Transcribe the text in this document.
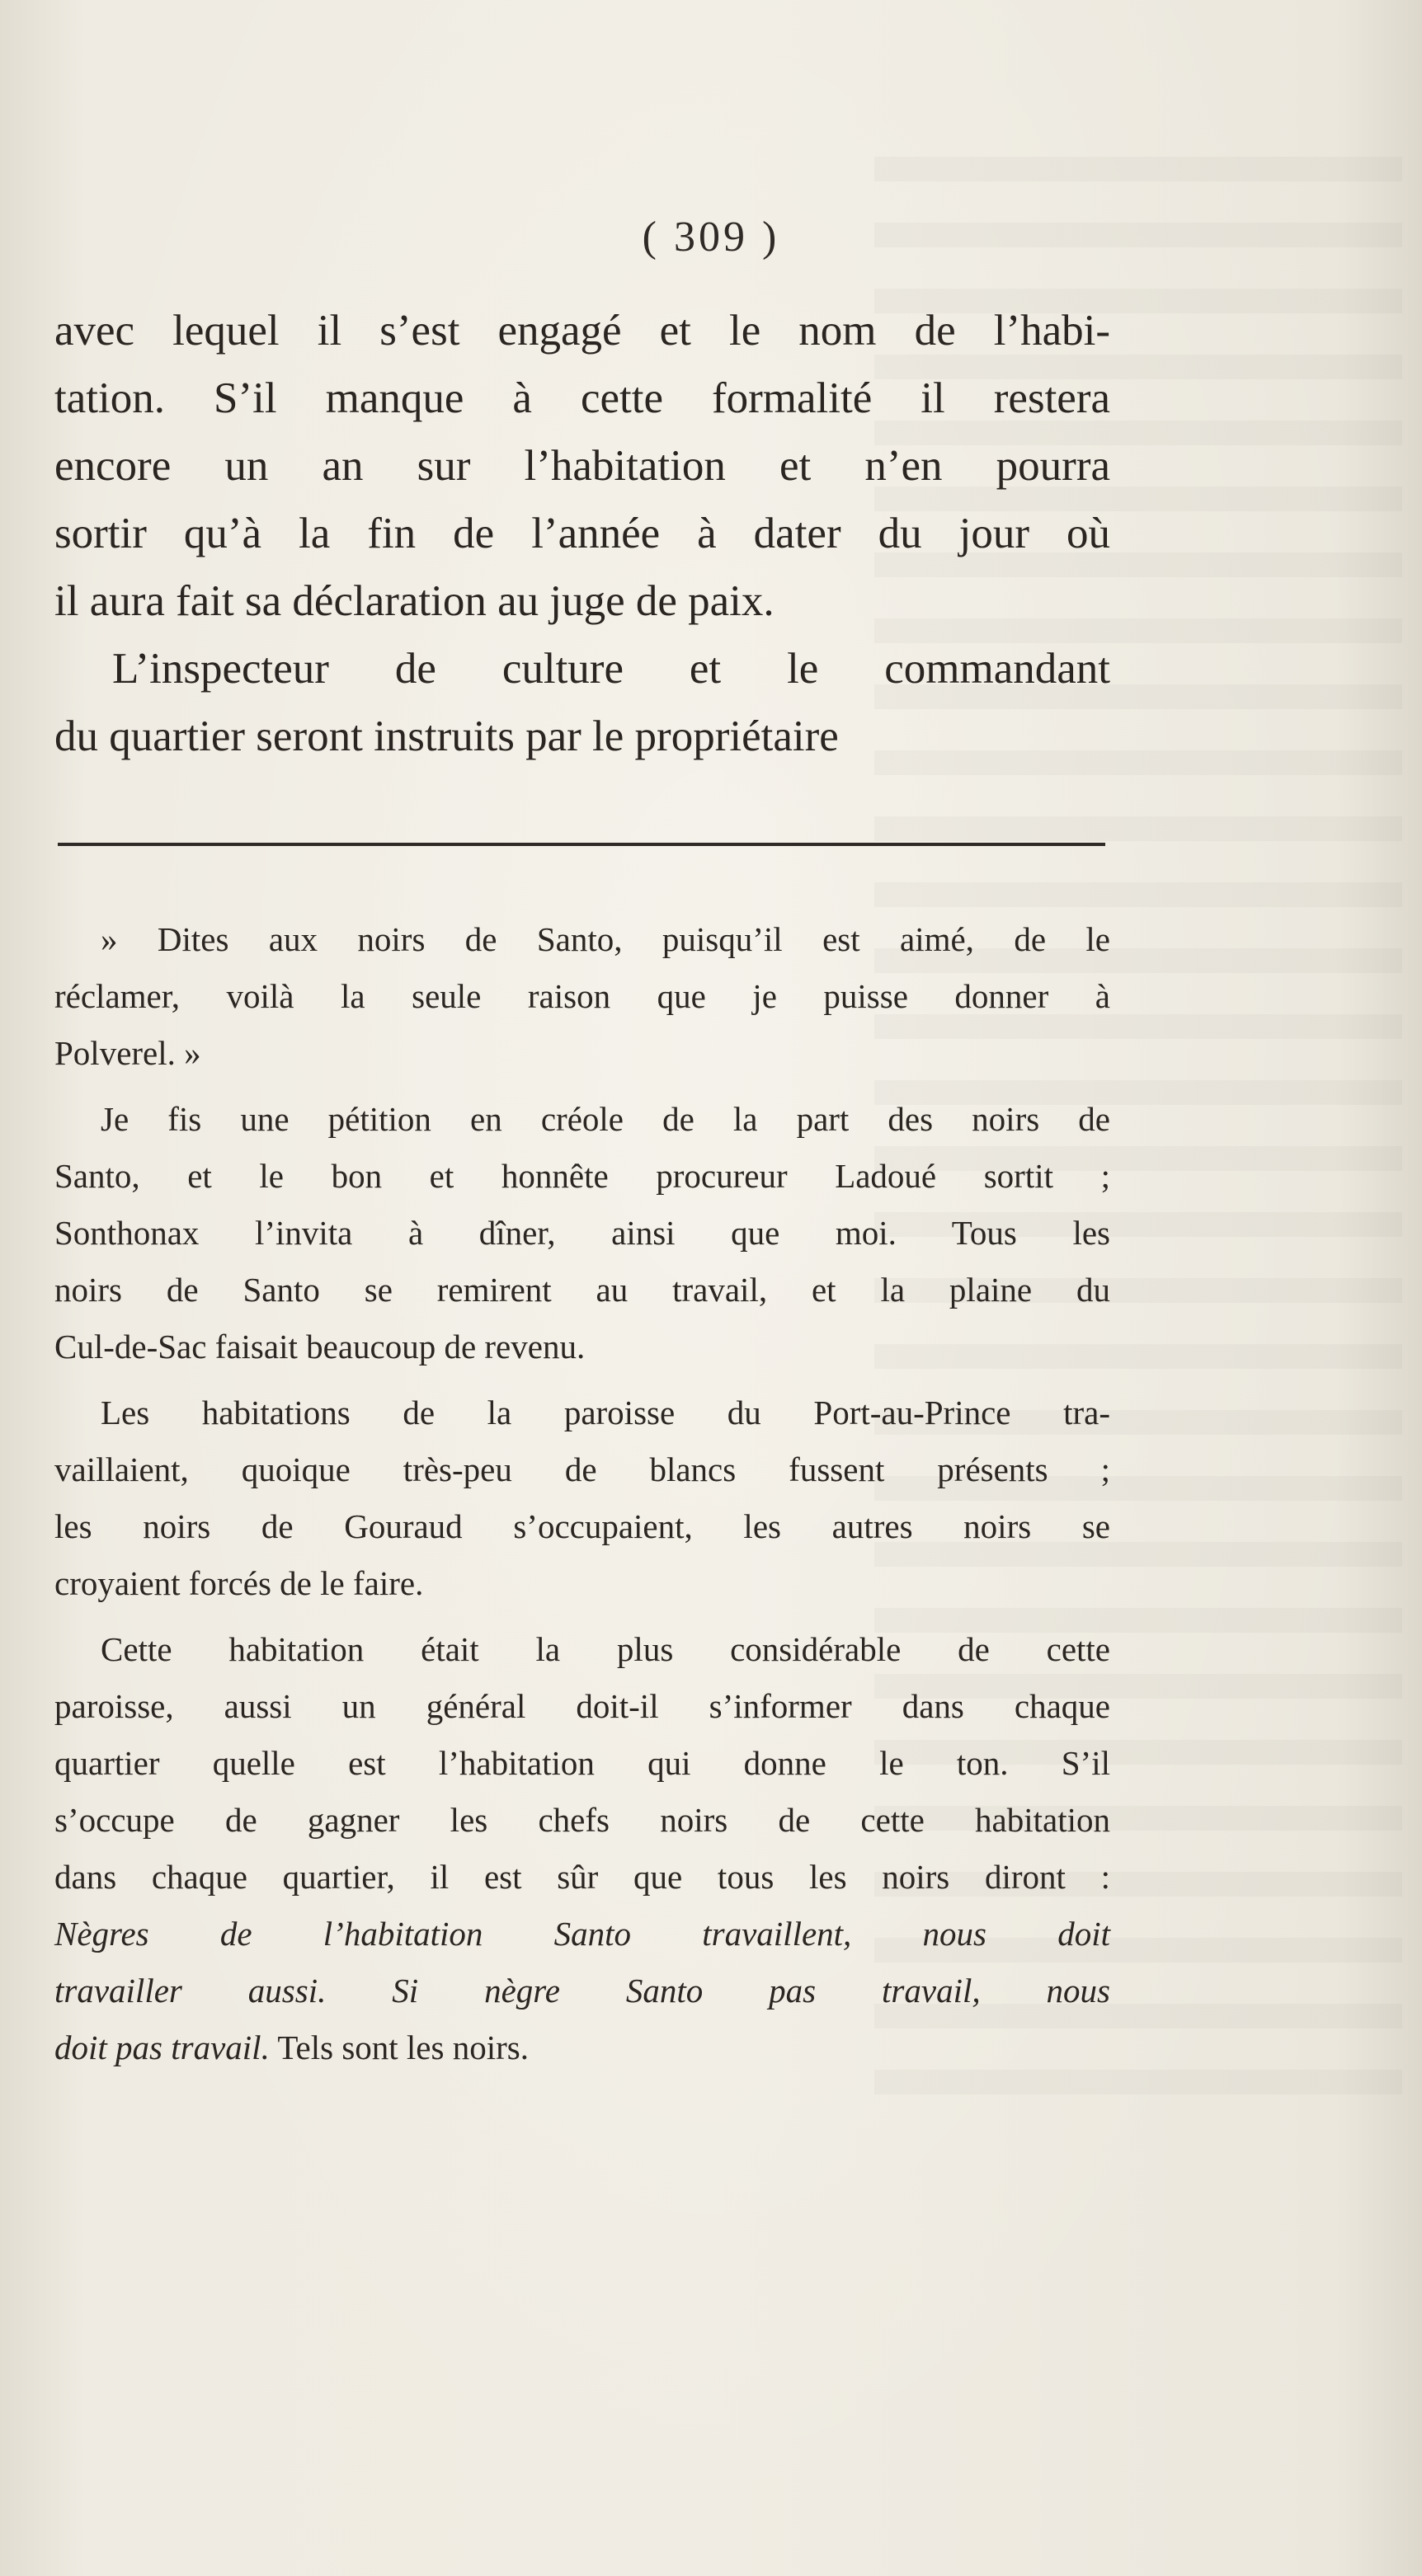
( 309 )
avec lequel il s’est engagé et le nom de l’habi-
tation. S’il manque à cette formalité il restera
encore un an sur l’habitation et n’en pourra
sortir qu’à la fin de l’année à dater du jour où
il aura fait sa déclaration au juge de paix.
L’inspecteur de culture et le commandant
du quartier seront instruits par le propriétaire
» Dites aux noirs de Santo, puisqu’il est aimé, de le
réclamer, voilà la seule raison que je puisse donner à
Polverel. »
Je fis une pétition en créole de la part des noirs de
Santo, et le bon et honnête procureur Ladoué sortit ;
Sonthonax l’invita à dîner, ainsi que moi. Tous les
noirs de Santo se remirent au travail, et la plaine du
Cul-de-Sac faisait beaucoup de revenu.
Les habitations de la paroisse du Port-au-Prince tra-
vaillaient, quoique très-peu de blancs fussent présents ;
les noirs de Gouraud s’occupaient, les autres noirs se
croyaient forcés de le faire.
Cette habitation était la plus considérable de cette
paroisse, aussi un général doit-il s’informer dans chaque
quartier quelle est l’habitation qui donne le ton. S’il
s’occupe de gagner les chefs noirs de cette habitation
dans chaque quartier, il est sûr que tous les noirs diront :
Nègres de l’habitation Santo travaillent, nous doit
travailler aussi. Si nègre Santo pas travail, nous
doit pas travail. Tels sont les noirs.
